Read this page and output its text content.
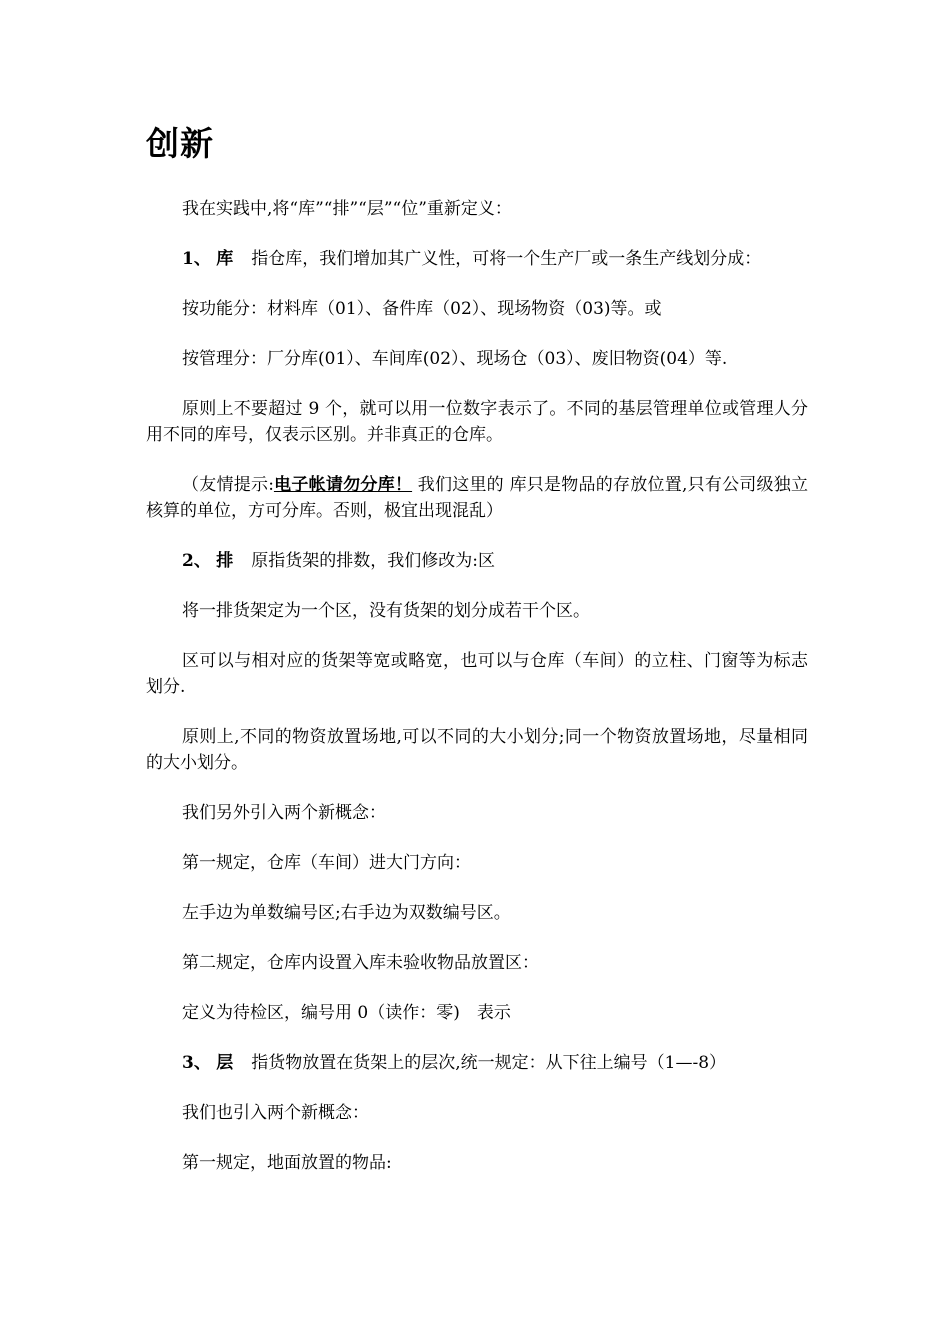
创新

我在实践中,将“库”“排”“层”“位”重新定义：

1、 库 指仓库，我们增加其广义性，可将一个生产厂或一条生产线划分成：

按功能分：材料库（01）、备件库（02）、现场物资（03)等。或

按管理分：厂分库(01）、车间库(02）、现场仓（03）、废旧物资(04）等.

原则上不要超过 9 个，就可以用一位数字表示了。不同的基层管理单位或管理人分用不同的库号，仅表示区别。并非真正的仓库。

（友情提示:电子帐请勿分库！ 我们这里的 库只是物品的存放位置,只有公司级独立核算的单位，方可分库。否则，极宜出现混乱）

2、 排 原指货架的排数，我们修改为:区

将一排货架定为一个区，没有货架的划分成若干个区。

区可以与相对应的货架等宽或略宽，也可以与仓库（车间）的立柱、门窗等为标志划分.

原则上,不同的物资放置场地,可以不同的大小划分;同一个物资放置场地，尽量相同的大小划分。

我们另外引入两个新概念：

第一规定，仓库（车间）进大门方向：

左手边为单数编号区;右手边为双数编号区。

第二规定，仓库内设置入库未验收物品放置区：

定义为待检区，编号用 0（读作：零)　表示

3、 层 指货物放置在货架上的层次,统一规定：从下往上编号（1—-8）

我们也引入两个新概念：

第一规定，地面放置的物品:
